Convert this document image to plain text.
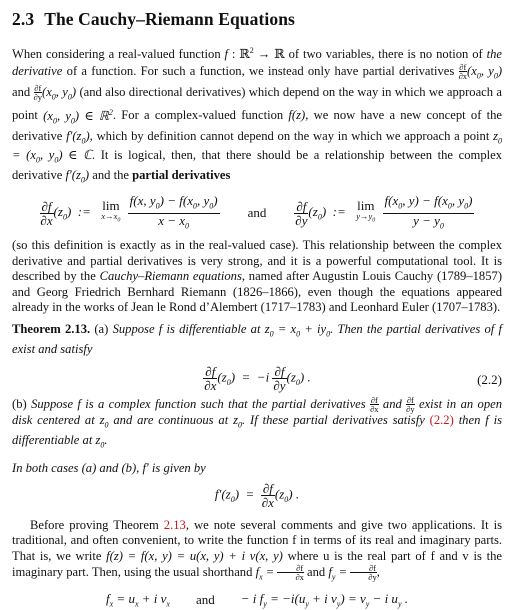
2.3 The Cauchy–Riemann Equations

When considering a real-valued function f : ℝ$^2$ → ℝ of two variables, there is no notion of the derivative of a function. For such a function, we instead only have partial derivatives $\frac{\partial f}{\partial x} (x_0$, $y_0$) and $\frac{\partial f}{\partial y} (x_0$, $y_0$) (and also directional derivatives) which depend on the way in which we approach a point ($x_0$, $y_0$) ∈ ℝ$^2$. For a complex-valued function f(z), we now have a new concept of the derivative $f'(z_0)$, which by definition cannot depend on the way in which we approach a point $z_0 = (x_0$, $y_0$) ∈ ℂ. It is logical, then, that there should be a relationship between the complex derivative $f'(z_0)$ and the partial derivatives

$\frac{\partial f}{\partial x} (z_0)$  := lim
$x\to x_0$
$\frac{f(x, y_0) - f(x_0, y_0)}{x - x_0}$ and $\frac{\partial f}{\partial y} (z_0)$  := lim
$y\to y_0$
$\frac{f(x_0, y) - f(x_0, y_0)}{y - y_0}$

(so this definition is exactly as in the real-valued case). This relationship between the complex derivative and partial derivatives is very strong, and it is a powerful computational tool. It is described by the Cauchy–Riemann equations, named after Augustin Louis Cauchy (1789–1857) and Georg Friedrich Bernhard Riemann (1826–1866), even though the equations appeared already in the works of Jean le Rond d’Alembert (1717–1783) and Leonhard Euler (1707–1783).

Theorem 2.13. (a) Suppose f is differentiable at $z_0 = x_0 + iy_0$. Then the partial derivatives of f exist and satisfy

$\frac{\partial f}{\partial x} (z_0) = -i \frac{\partial f}{\partial y} (z_0)$ .	(2.2)

(b) Suppose f is a complex function such that the partial derivatives $\frac{\partial f}{\partial x}$ and $\frac{\partial f}{\partial y}$ exist in an open disk centered at $z_0$ and are continuous at $z_0$. If these partial derivatives satisfy (2.2) then f is differentiable at $z_0$.

In both cases (a) and (b), f′ is given by

$f'(z_0) = \frac{\partial f}{\partial x} (z_0)$ .

Before proving Theorem 2.13, we note several comments and give two applications. It is traditional, and often convenient, to write the function f in terms of its real and imaginary parts. That is, we write f(z) = f(x, y) = u(x, y) + i v(x, y) where u is the real part of f and v is the imaginary part. Then, using the usual shorthand $f_x = \frac{\partial f}{\partial x}$ and $f_y = \frac{\partial f}{\partial y}$ ,

$f_x = u_x + i$ $v_x$ and − i $f_y = -i(u_y + i$ $v_y) = v_y - i$ $u_y$ .
